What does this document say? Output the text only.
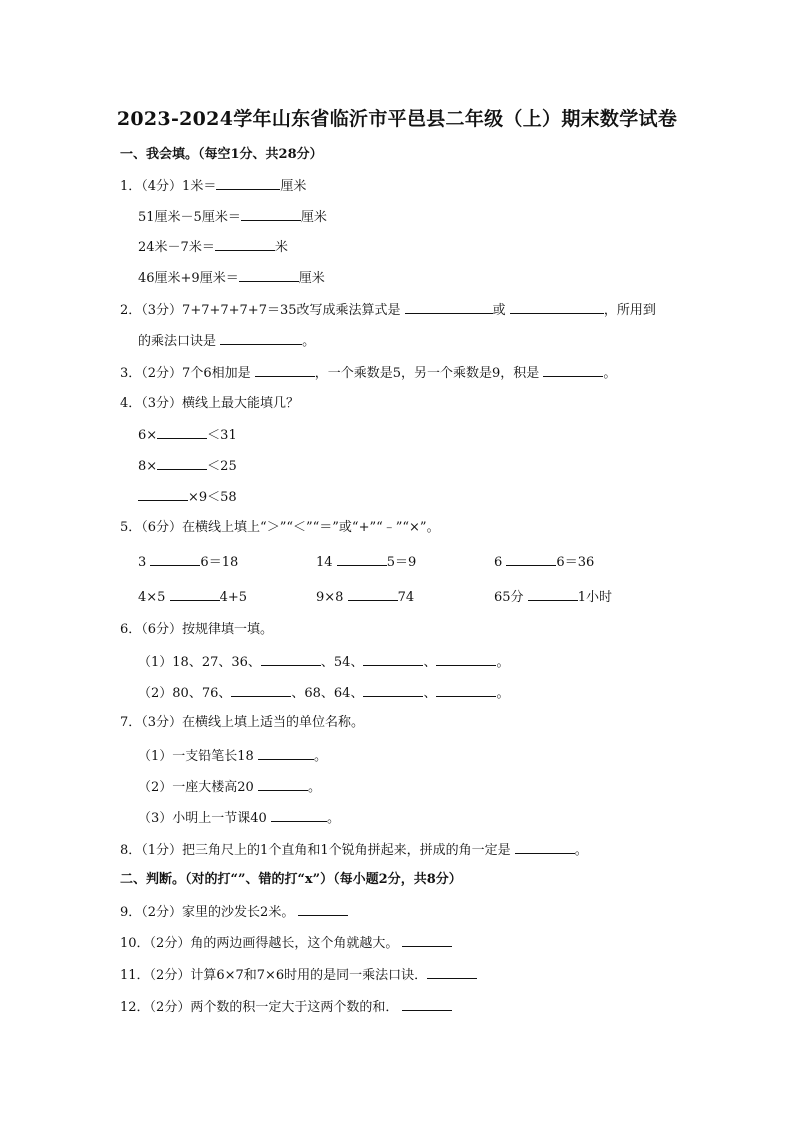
2023-2024学年山东省临沂市平邑县二年级（上）期末数学试卷
一、我会填。（每空1分、共28分）
1．（4分）1米＝	厘米
51厘米－5厘米＝	厘米
24米－7米＝	米
46厘米+9厘米＝	厘米
2．（3分）7+7+7+7+7＝35改写成乘法算式是	或	，所用到
的乘法口诀是	。
3．（2分）7个6相加是	，一个乘数是5，另一个乘数是9，积是	。
4．（3分）横线上最大能填几？
6×	＜31
8×	＜25
×9＜58
5．（6分）在横线上填上“＞”“＜”“＝”或“+”“﹣”“×”。
3	6＝18	14	5＝9	6	6＝36
4×5	4+5	9×8	74	65分	1小时
6．（6分）按规律填一填。
（1）18、27、36、	、54、	、	。
（2）80、76、	、68、64、	、	。
7．（3分）在横线上填上适当的单位名称。
（1）一支铅笔长18	。
（2）一座大楼高20	。
（3）小明上一节课40	。
8．（1分）把三角尺上的1个直角和1个锐角拼起来，拼成的角一定是	。
二、判断。（对的打“”、错的打“x”）（每小题2分，共8分）
9．（2分）家里的沙发长2米。
10．（2分）角的两边画得越长，这个角就越大。
11．（2分）计算6×7和7×6时用的是同一乘法口诀．
12．（2分）两个数的积一定大于这两个数的和．
